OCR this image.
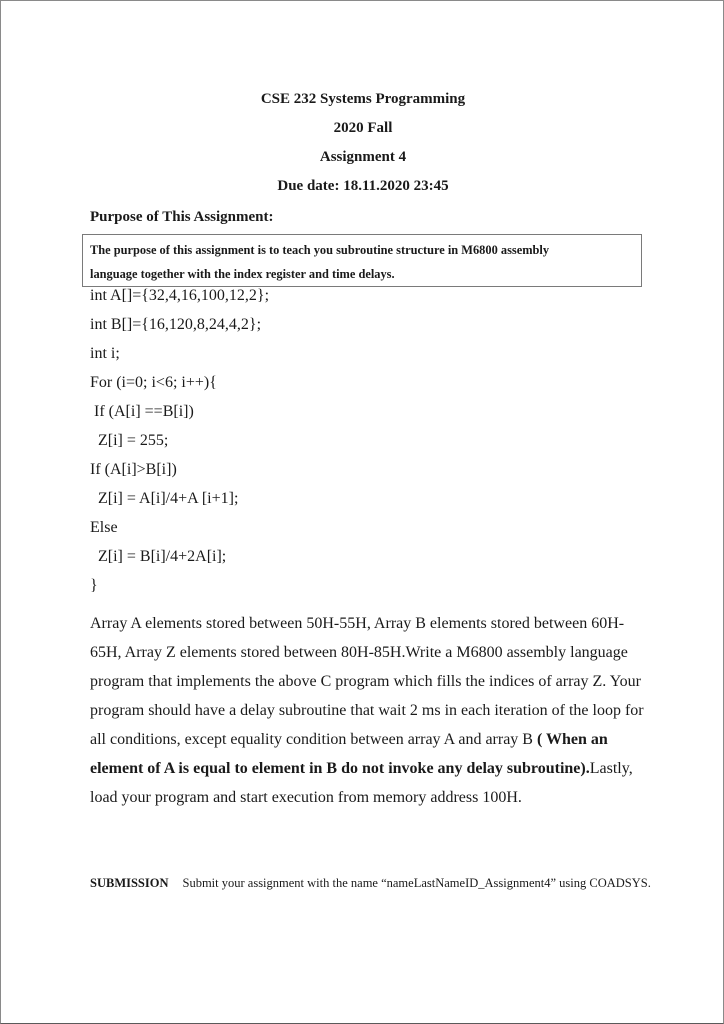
CSE 232 Systems Programming
2020 Fall
Assignment 4
Due date: 18.11.2020 23:45
Purpose of This Assignment:
The purpose of this assignment is to teach you subroutine structure in M6800 assembly
language together with the index register and time delays.
int A[]={32,4,16,100,12,2};
int B[]={16,120,8,24,4,2};
int i;
For (i=0; i<6; i++){
If (A[i] ==B[i])
Z[i] = 255;
If (A[i]>B[i])
Z[i] = A[i]/4+A [i+1];
Else
Z[i] = B[i]/4+2A[i];
}
Array A elements stored between 50H-55H, Array B elements stored between 60H-65H, Array Z elements stored between 80H-85H.Write a M6800 assembly language program that implements the above C program which fills the indices of array Z. Your program should have a delay subroutine that wait 2 ms in each iteration of the loop for all conditions, except equality condition between array A and array B ( When an element of A is equal to element in B do not invoke any delay subroutine).Lastly, load your program and start execution from memory address 100H.
SUBMISSION Submit your assignment with the name “nameLastNameID_Assignment4” using COADSYS.
